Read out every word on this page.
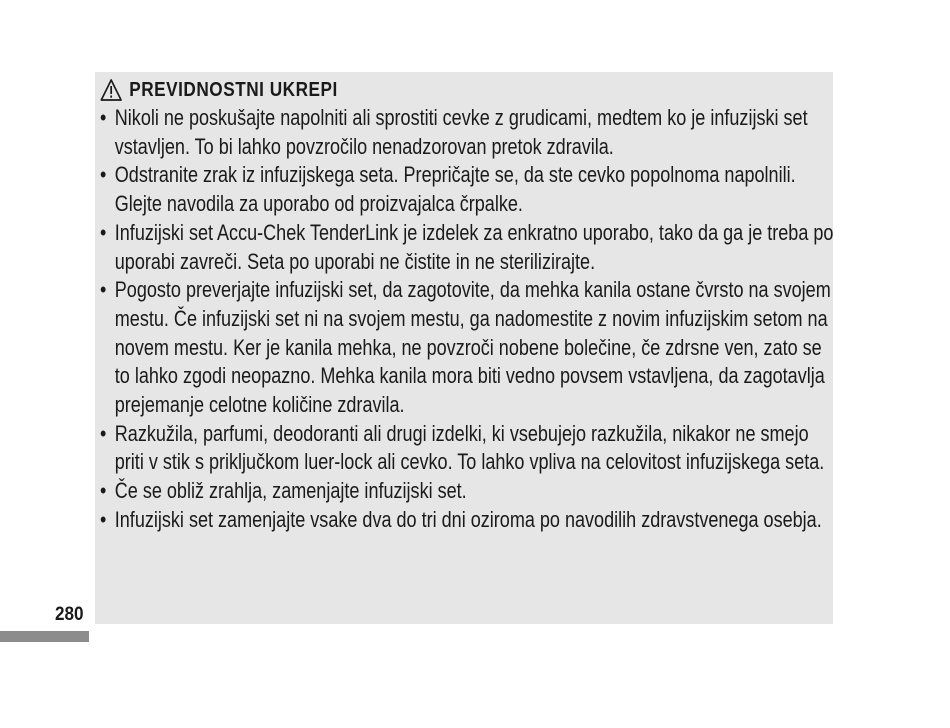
PREVIDNOSTNI UKREPI
• Nikoli ne poskušajte napolniti ali sprostiti cevke z grudicami, medtem ko je infuzijski set vstavljen. To bi lahko povzročilo nenadzorovan pretok zdravila.
• Odstranite zrak iz infuzijskega seta. Prepričajte se, da ste cevko popolnoma napolnili. Glejte navodila za uporabo od proizvajalca črpalke.
• Infuzijski set Accu-Chek TenderLink je izdelek za enkratno uporabo, tako da ga je treba po uporabi zavreči. Seta po uporabi ne čistite in ne sterilizirajte.
• Pogosto preverjajte infuzijski set, da zagotovite, da mehka kanila ostane čvrsto na svojem mestu. Če infuzijski set ni na svojem mestu, ga nadomestite z novim infuzijskim setom na novem mestu. Ker je kanila mehka, ne povzroči nobene bolečine, če zdrsne ven, zato se to lahko zgodi neopazno. Mehka kanila mora biti vedno povsem vstavljena, da zagotavlja prejemanje celotne količine zdravila.
• Razkužila, parfumi, deodoranti ali drugi izdelki, ki vsebujejo razkužila, nikakor ne smejo priti v stik s priključkom luer-lock ali cevko. To lahko vpliva na celovitost infuzijskega seta.
• Če se obliž zrahlja, zamenjajte infuzijski set.
• Infuzijski set zamenjajte vsake dva do tri dni oziroma po navodilih zdravstvenega osebja.
280
